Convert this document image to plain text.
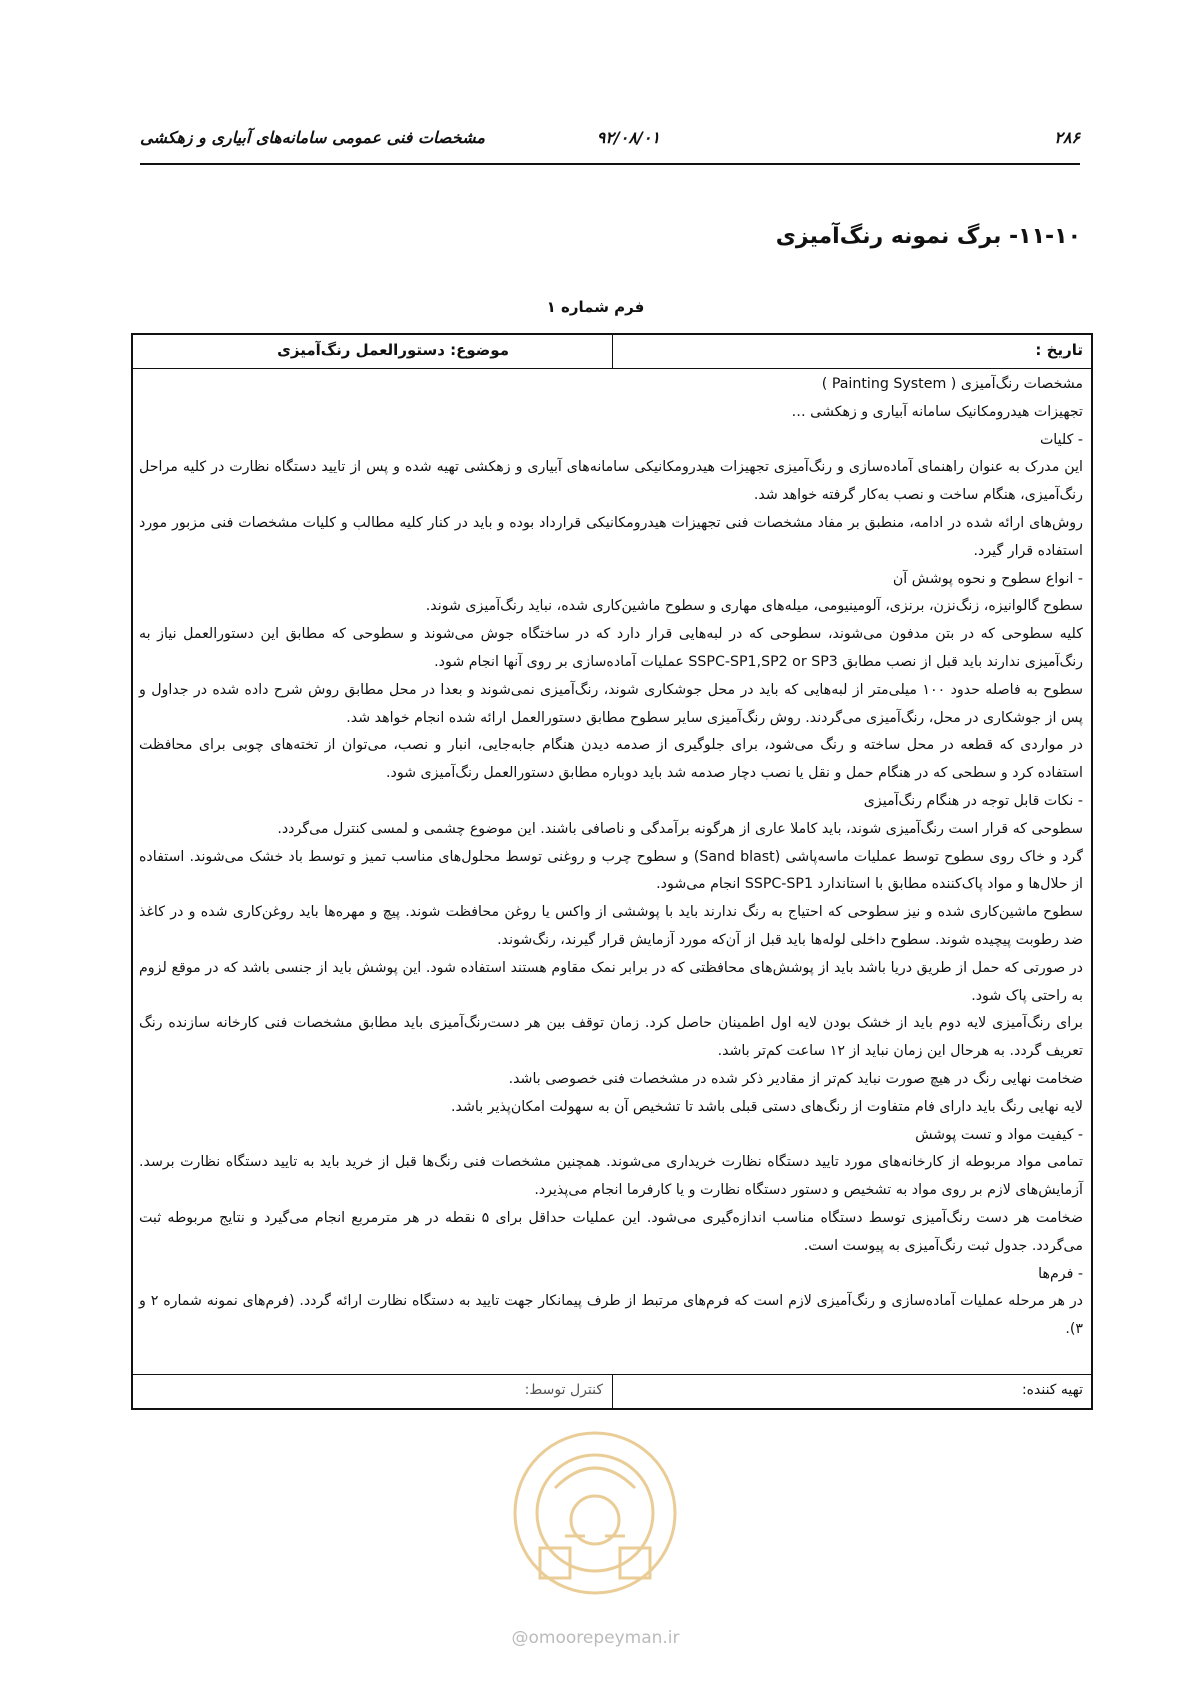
۲۸۶
۹۲/۰۸/۰۱
مشخصات فنی عمومی سامانه‌های آبیاری و زهکشی
۱۱-۱۰- برگ نمونه رنگ‌آمیزی
فرم شماره ۱
تاریخ :
موضوع: دستورالعمل رنگ‌آمیزی

مشخصات رنگ‌آمیزی ( Painting System )

تجهیزات هیدرومکانیک سامانه آبیاری و زهکشی …

- کلیات

این مدرک به عنوان راهنمای آماده‌سازی و رنگ‌آمیزی تجهیزات هیدرومکانیکی سامانه‌های آبیاری و زهکشی تهیه شده و پس از تایید دستگاه نظارت در کلیه مراحل رنگ‌آمیزی، هنگام ساخت و نصب به‌کار گرفته خواهد شد.

روش‌های ارائه شده در ادامه، منطبق بر مفاد مشخصات فنی تجهیزات هیدرومکانیکی قرارداد بوده و باید در کنار کلیه مطالب و کلیات مشخصات فنی مزبور مورد استفاده قرار گیرد.

- انواع سطوح و نحوه پوشش آن

سطوح گالوانیزه، زنگ‌نزن، برنزی، آلومینیومی، میله‌های مهاری و سطوح ماشین‌کاری شده، نباید رنگ‌آمیزی شوند.

کلیه سطوحی که در بتن مدفون می‌شوند، سطوحی که در لبه‌هایی قرار دارد که در ساختگاه جوش می‌شوند و سطوحی که مطابق این دستورالعمل نیاز به رنگ‌آمیزی ندارند باید قبل از نصب مطابق SSPC-SP1,SP2 or SP3 عملیات آماده‌سازی بر روی آنها انجام شود.

سطوح به فاصله حدود ۱۰۰ میلی‌متر از لبه‌هایی که باید در محل جوشکاری شوند، رنگ‌آمیزی نمی‌شوند و بعدا در محل مطابق روش شرح داده شده در جداول و پس از جوشکاری در محل، رنگ‌آمیزی می‌گردند. روش رنگ‌آمیزی سایر سطوح مطابق دستورالعمل ارائه شده انجام خواهد شد.

در مواردی که قطعه در محل ساخته و رنگ می‌شود، برای جلوگیری از صدمه دیدن هنگام جابه‌جایی، انبار و نصب، می‌توان از تخته‌های چوبی برای محافظت استفاده کرد و سطحی که در هنگام حمل و نقل یا نصب دچار صدمه شد باید دوباره مطابق دستورالعمل رنگ‌آمیزی شود.

- نکات قابل توجه در هنگام رنگ‌آمیزی

سطوحی که قرار است رنگ‌آمیزی شوند، باید کاملا عاری از هرگونه برآمدگی و ناصافی باشند. این موضوع چشمی و لمسی کنترل می‌گردد.

گرد و خاک روی سطوح توسط عملیات ماسه‌پاشی (Sand blast) و سطوح چرب و روغنی توسط محلول‌های مناسب تمیز و توسط باد خشک می‌شوند. استفاده از حلال‌ها و مواد پاک‌کننده مطابق با استاندارد SSPC-SP1 انجام می‌شود.

سطوح ماشین‌کاری شده و نیز سطوحی که احتیاج به رنگ ندارند باید با پوششی از واکس یا روغن محافظت شوند. پیچ و مهره‌ها باید روغن‌کاری شده و در کاغذ ضد رطوبت پیچیده شوند. سطوح داخلی لوله‌ها باید قبل از آن‌که مورد آزمایش قرار گیرند، رنگ‌شوند.

در صورتی که حمل از طریق دریا باشد باید از پوشش‌های محافظتی که در برابر نمک مقاوم هستند استفاده شود. این پوشش باید از جنسی باشد که در موقع لزوم به راحتی پاک شود.

برای رنگ‌آمیزی لایه دوم باید از خشک بودن لایه اول اطمینان حاصل کرد. زمان توقف بین هر دست‌رنگ‌آمیزی باید مطابق مشخصات فنی کارخانه سازنده رنگ تعریف گردد. به هرحال این زمان نباید از ۱۲ ساعت کم‌تر باشد.

ضخامت نهایی رنگ در هیچ صورت نباید کم‌تر از مقادیر ذکر شده در مشخصات فنی خصوصی باشد.

لایه نهایی رنگ باید دارای فام متفاوت از رنگ‌های دستی قبلی باشد تا تشخیص آن به سهولت امکان‌پذیر باشد.

- کیفیت مواد و تست پوشش

تمامی مواد مربوطه از کارخانه‌های مورد تایید دستگاه نظارت خریداری می‌شوند. همچنین مشخصات فنی رنگ‌ها قبل از خرید باید به تایید دستگاه نظارت برسد. آزمایش‌های لازم بر روی مواد به تشخیص و دستور دستگاه نظارت و یا کارفرما انجام می‌پذیرد.

ضخامت هر دست رنگ‌آمیزی توسط دستگاه مناسب اندازه‌گیری می‌شود. این عملیات حداقل برای ۵ نقطه در هر مترمربع انجام می‌گیرد و نتایج مربوطه ثبت می‌گردد. جدول ثبت رنگ‌آمیزی به پیوست است.

- فرم‌ها

در هر مرحله عملیات آماده‌سازی و رنگ‌آمیزی لازم است که فرم‌های مرتبط از طرف پیمانکار جهت تایید به دستگاه نظارت ارائه گردد. (فرم‌های نمونه شماره ۲ و ۳).

تهیه کننده:
کنترل توسط:
@omoorepeyman.ir
